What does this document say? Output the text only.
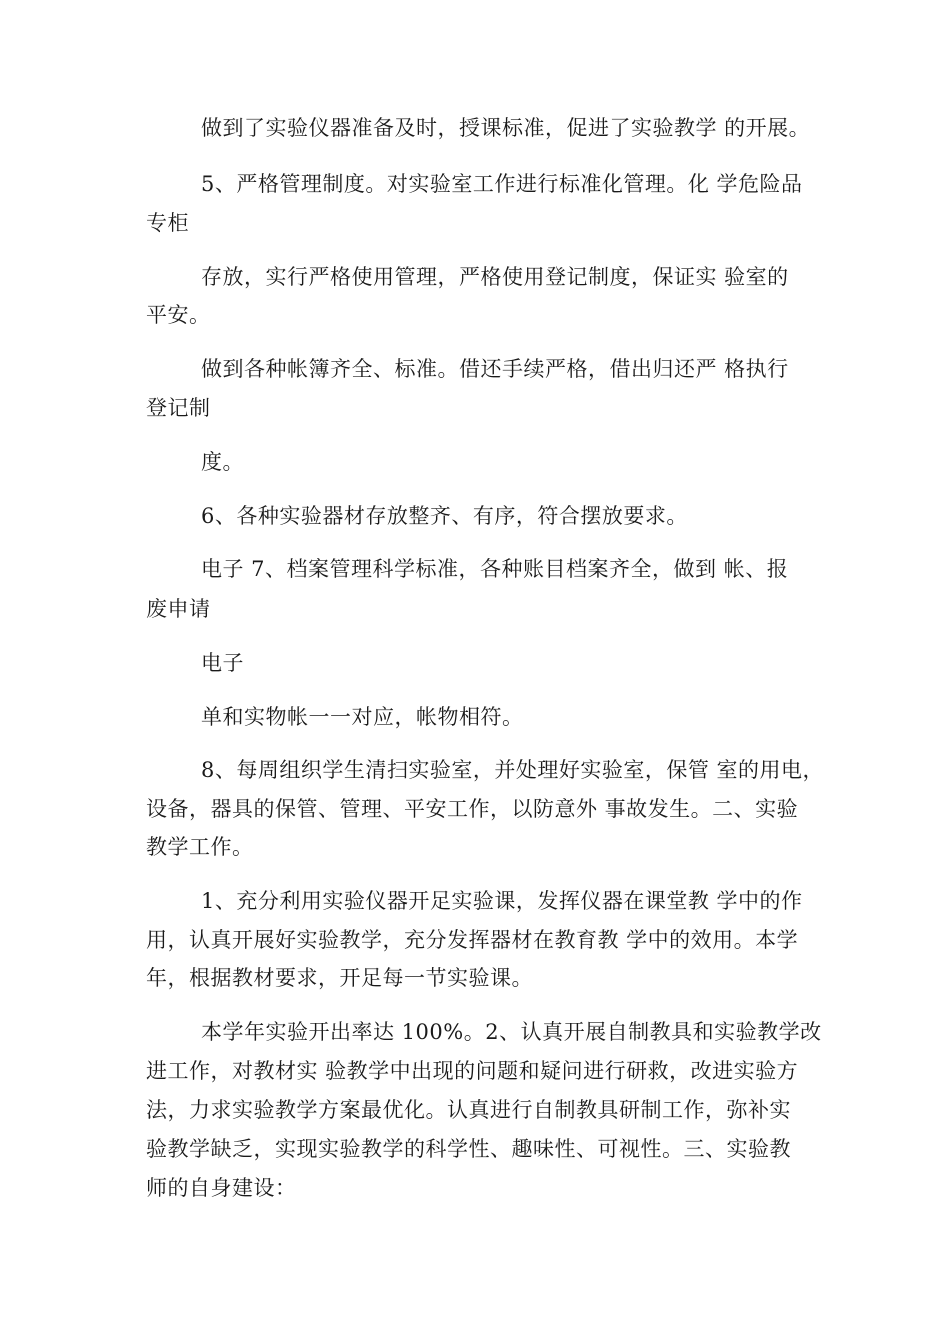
做到了实验仪器准备及时，授课标准，促进了实验教学 的开展。
5、严格管理制度。对实验室工作进行标准化管理。化 学危险品
专柜
存放，实行严格使用管理，严格使用登记制度，保证实 验室的
平安。
做到各种帐簿齐全、标准。借还手续严格，借出归还严 格执行
登记制
度。
6、各种实验器材存放整齐、有序，符合摆放要求。
电子 7、档案管理科学标准，各种账目档案齐全，做到 帐、报
废申请
电子
单和实物帐一一对应，帐物相符。
8、每周组织学生清扫实验室，并处理好实验室，保管 室的用电，
设备，器具的保管、管理、平安工作，以防意外 事故发生。二、实验
教学工作。
1、充分利用实验仪器开足实验课，发挥仪器在课堂教 学中的作
用，认真开展好实验教学，充分发挥器材在教育教 学中的效用。本学
年，根据教材要求，开足每一节实验课。
本学年实验开出率达 100%。2、认真开展自制教具和实验教学改
进工作，对教材实 验教学中出现的问题和疑问进行研救，改进实验方
法，力求实验教学方案最优化。认真进行自制教具研制工作，弥补实
验教学缺乏，实现实验教学的科学性、趣味性、可视性。三、实验教
师的自身建设：
